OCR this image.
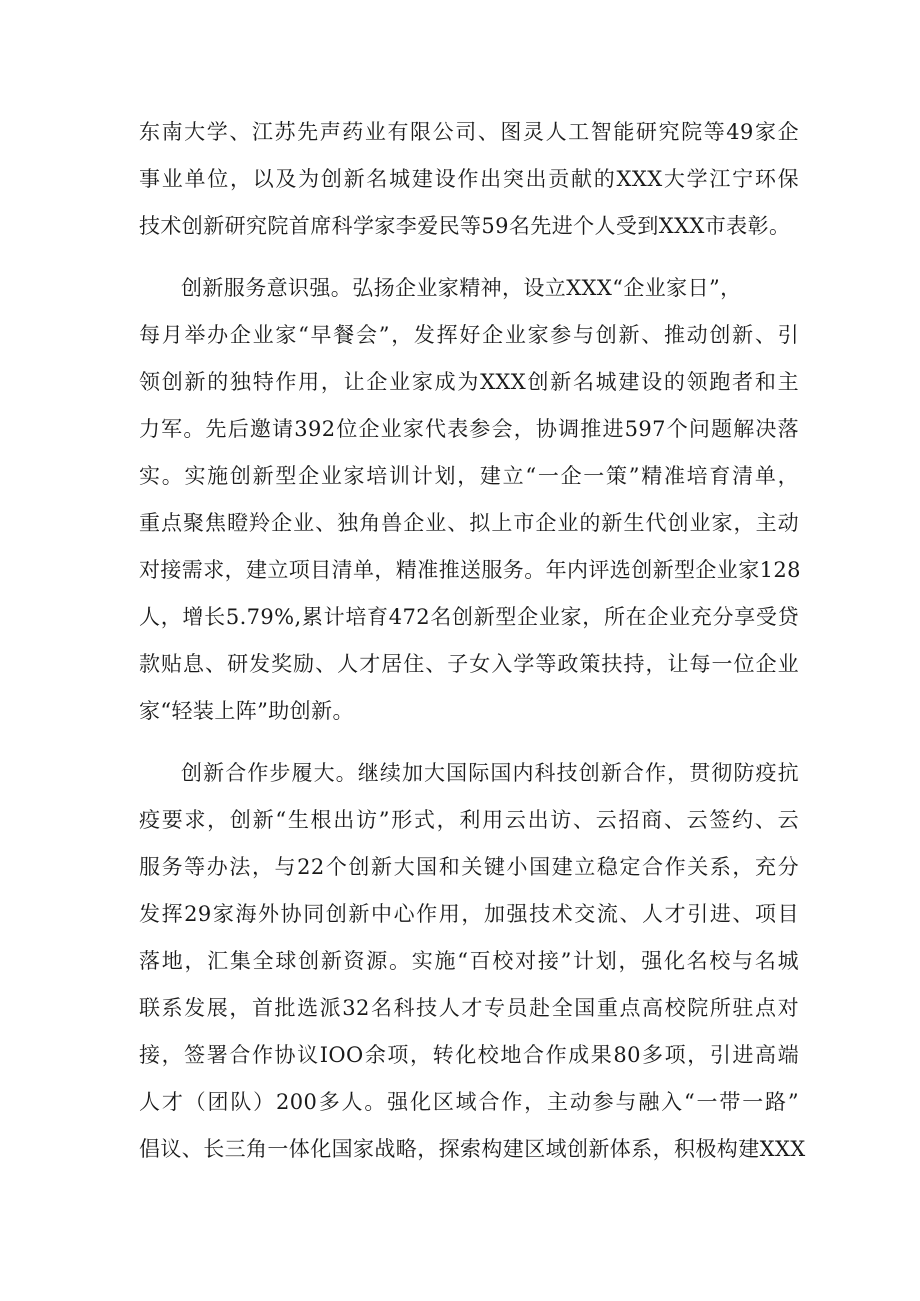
东南大学、江苏先声药业有限公司、图灵人工智能研究院等49家企
事业单位，以及为创新名城建设作出突出贡献的XXX大学江宁环保
技术创新研究院首席科学家李爱民等59名先进个人受到XXX市表彰。
创新服务意识强。弘扬企业家精神，设立XXX“企业家日”，
每月举办企业家“早餐会”，发挥好企业家参与创新、推动创新、引
领创新的独特作用，让企业家成为XXX创新名城建设的领跑者和主
力军。先后邀请392位企业家代表参会，协调推进597个问题解决落
实。实施创新型企业家培训计划，建立“一企一策”精准培育清单，
重点聚焦瞪羚企业、独角兽企业、拟上市企业的新生代创业家，主动
对接需求，建立项目清单，精准推送服务。年内评选创新型企业家128
人，增长5.79%,累计培育472名创新型企业家，所在企业充分享受贷
款贴息、研发奖励、人才居住、子女入学等政策扶持，让每一位企业
家“轻装上阵”助创新。
创新合作步履大。继续加大国际国内科技创新合作，贯彻防疫抗
疫要求，创新“生根出访”形式，利用云出访、云招商、云签约、云
服务等办法，与22个创新大国和关键小国建立稳定合作关系，充分
发挥29家海外协同创新中心作用，加强技术交流、人才引进、项目
落地，汇集全球创新资源。实施“百校对接”计划，强化名校与名城
联系发展，首批选派32名科技人才专员赴全国重点高校院所驻点对
接，签署合作协议IOO余项，转化校地合作成果80多项，引进高端
人才（团队）200多人。强化区域合作，主动参与融入“一带一路”
倡议、长三角一体化国家战略，探索构建区域创新体系，积极构建XXX
